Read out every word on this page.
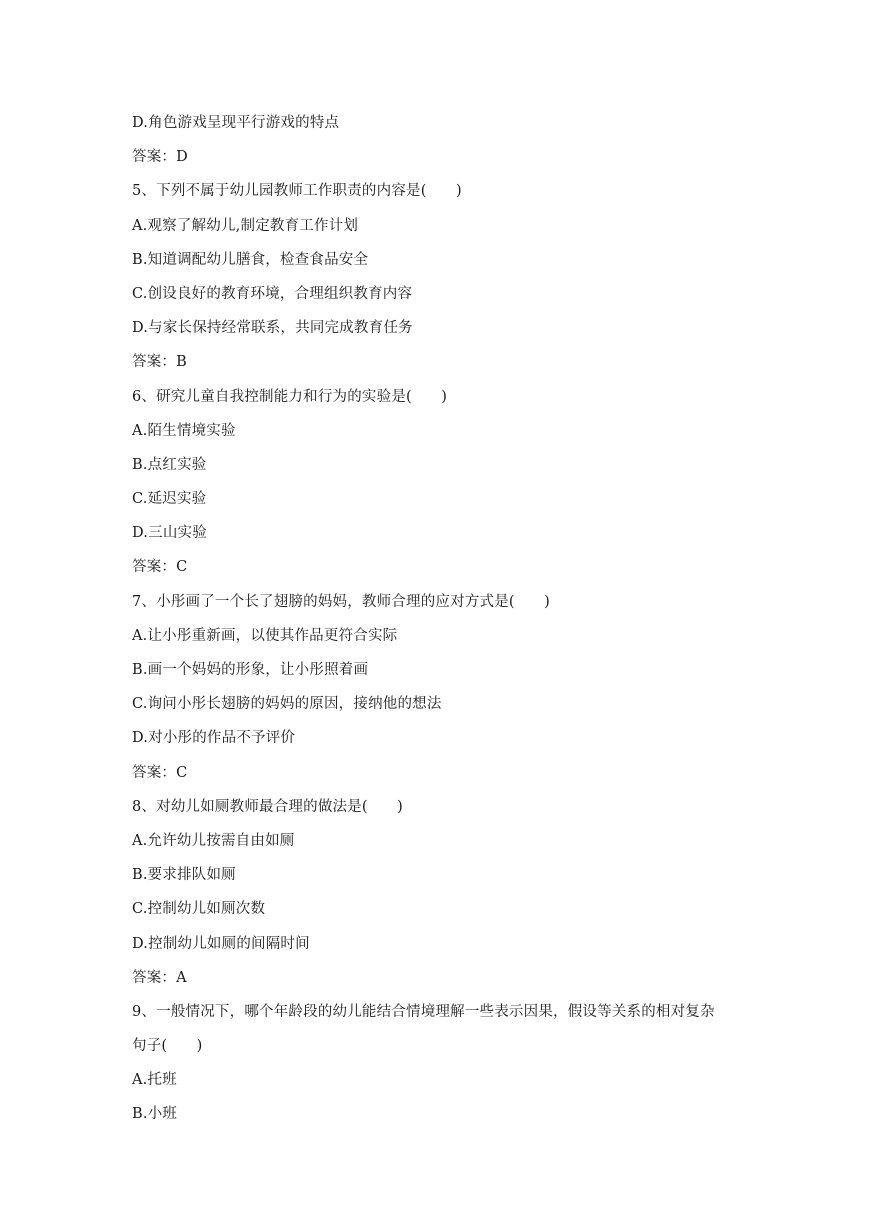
D.角色游戏呈现平行游戏的特点
答案：D
5、下列不属于幼儿园教师工作职责的内容是(　　)
A.观察了解幼儿,制定教育工作计划
B.知道调配幼儿膳食，检查食品安全
C.创设良好的教育环境，合理组织教育内容
D.与家长保持经常联系，共同完成教育任务
答案：B
6、研究儿童自我控制能力和行为的实验是(　　)
A.陌生情境实验
B.点红实验
C.延迟实验
D.三山实验
答案：C
7、小彤画了一个长了翅膀的妈妈，教师合理的应对方式是(　　)
A.让小彤重新画，以使其作品更符合实际
B.画一个妈妈的形象，让小彤照着画
C.询问小彤长翅膀的妈妈的原因，接纳他的想法
D.对小彤的作品不予评价
答案：C
8、对幼儿如厕教师最合理的做法是(　　)
A.允许幼儿按需自由如厕
B.要求排队如厕
C.控制幼儿如厕次数
D.控制幼儿如厕的间隔时间
答案：A
9、一般情况下，哪个年龄段的幼儿能结合情境理解一些表示因果，假设等关系的相对复杂
句子(　　)
A.托班
B.小班
